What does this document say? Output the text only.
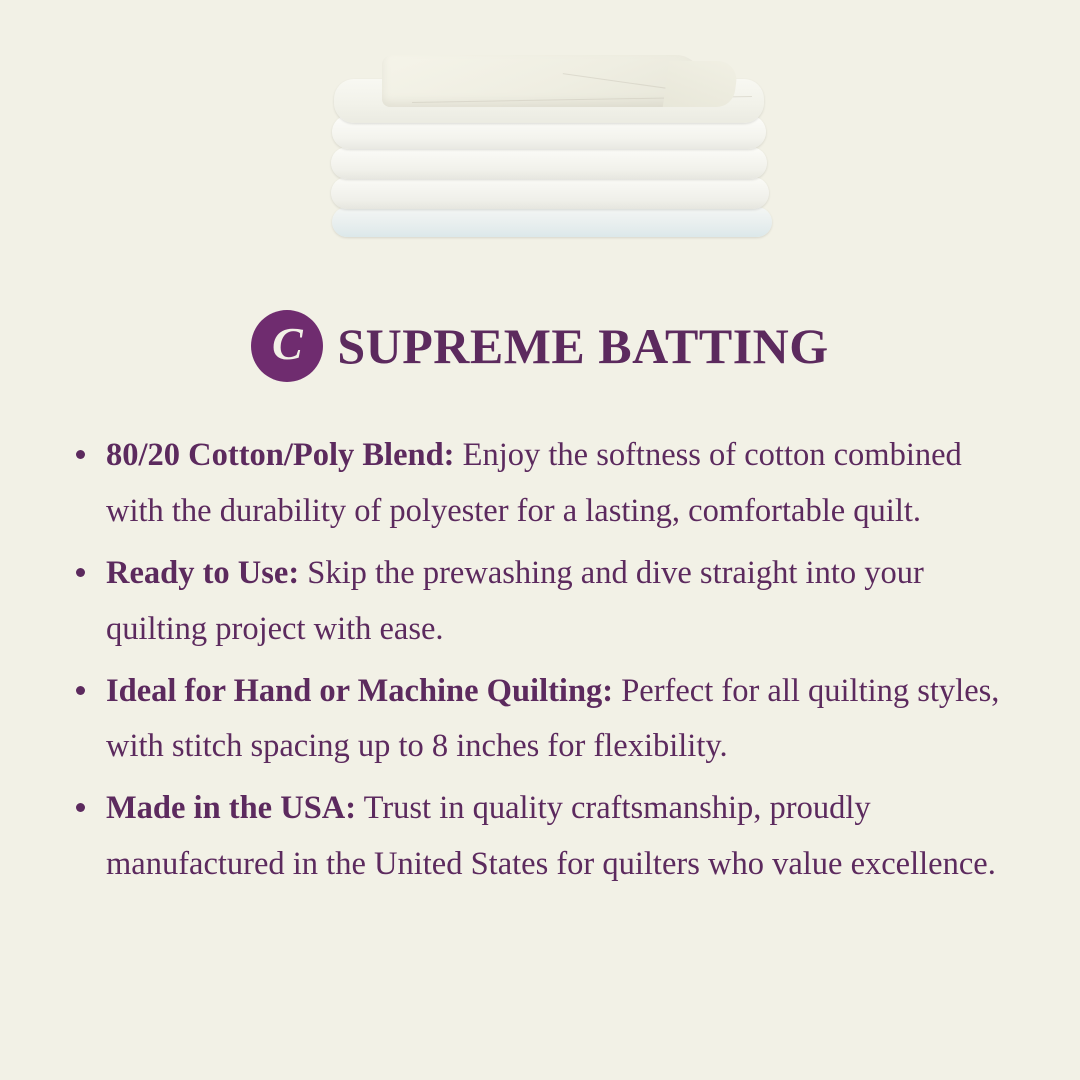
C SUPREME BATTING
80/20 Cotton/Poly Blend: Enjoy the softness of cotton combined with the durability of polyester for a lasting, comfortable quilt.
Ready to Use: Skip the prewashing and dive straight into your quilting project with ease.
Ideal for Hand or Machine Quilting: Perfect for all quilting styles, with stitch spacing up to 8 inches for flexibility.
Made in the USA: Trust in quality craftsmanship, proudly manufactured in the United States for quilters who value excellence.
